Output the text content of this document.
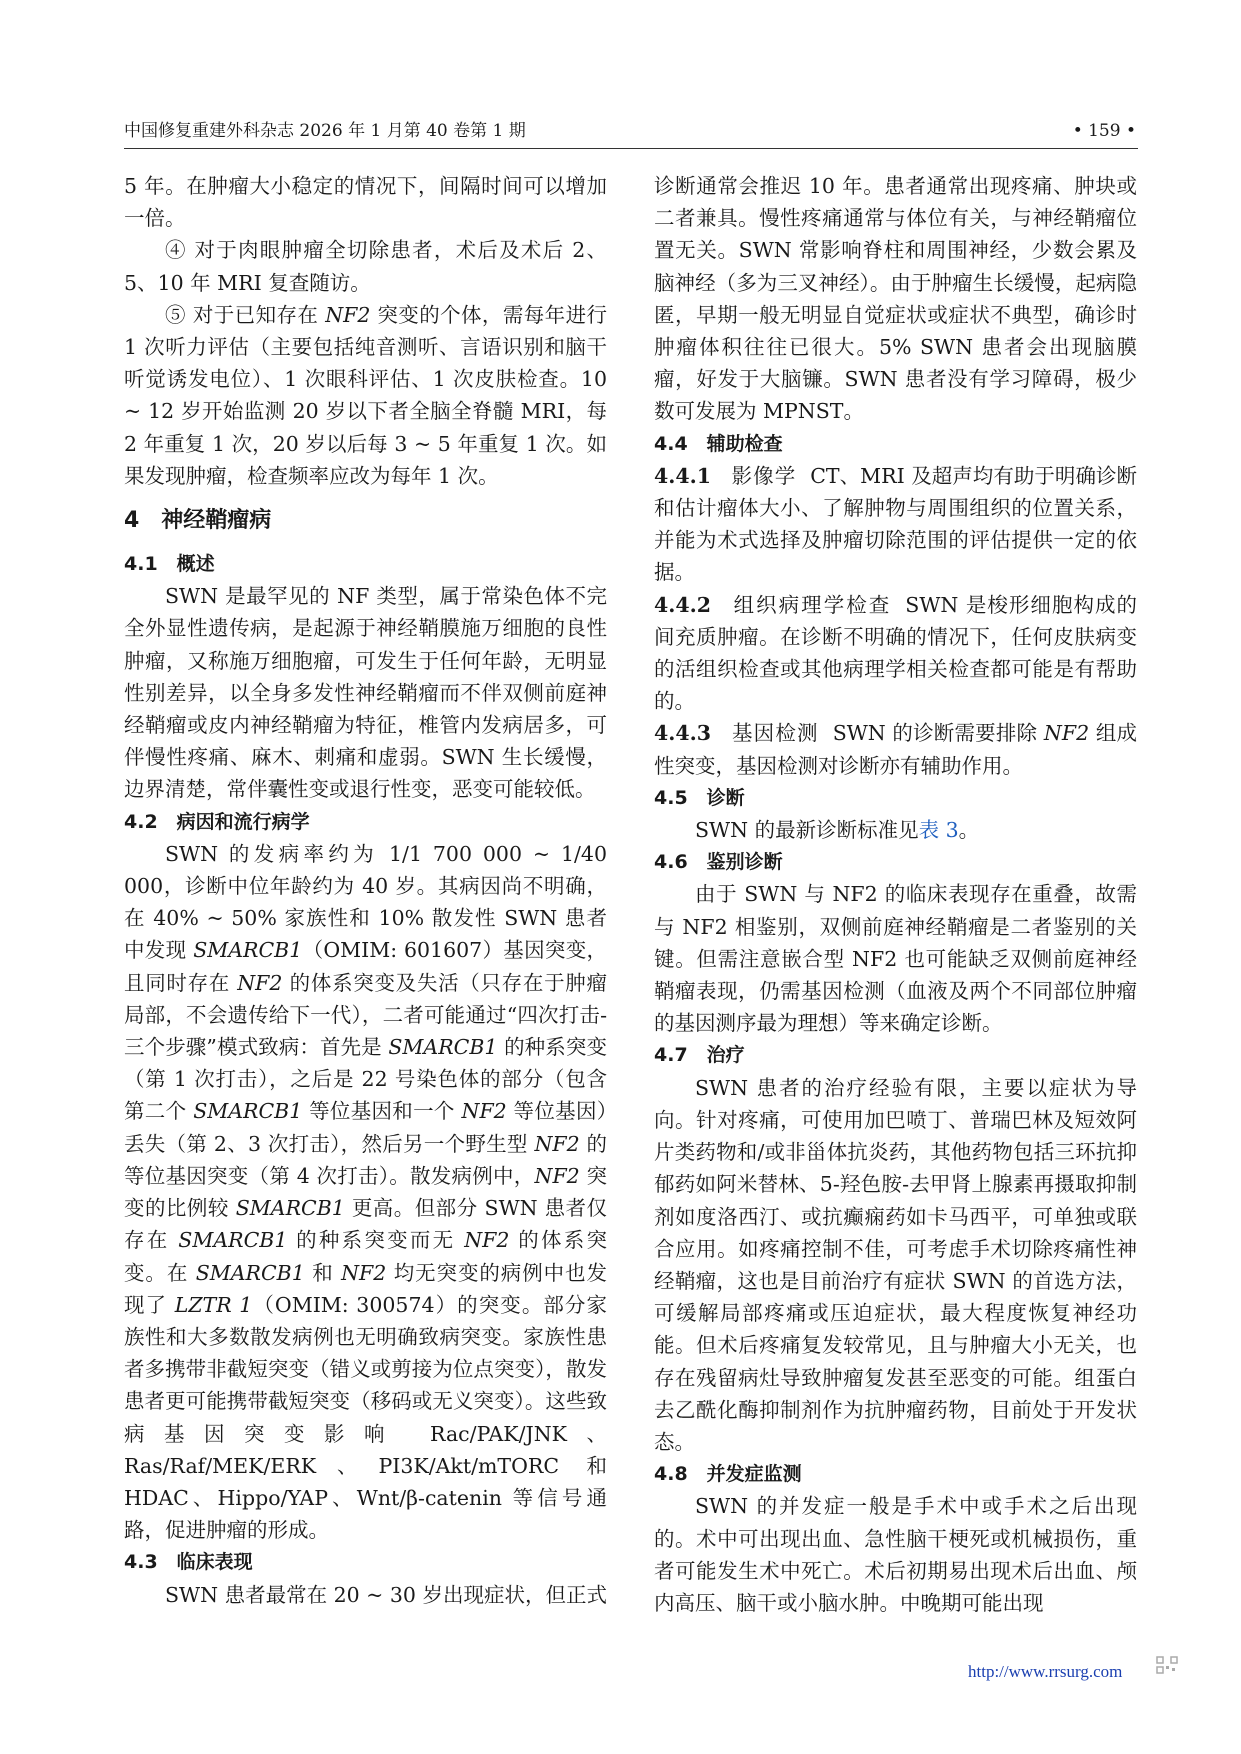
中国修复重建外科杂志 2026 年 1 月第 40 卷第 1 期	• 159 •

5 年。在肿瘤大小稳定的情况下，间隔时间可以增加一倍。

④ 对于肉眼肿瘤全切除患者，术后及术后 2、5、10 年 MRI 复查随访。

⑤ 对于已知存在 NF2 突变的个体，需每年进行 1 次听力评估（主要包括纯音测听、言语识别和脑干听觉诱发电位）、1 次眼科评估、1 次皮肤检查。10 ~ 12 岁开始监测 20 岁以下者全脑全脊髓 MRI，每 2 年重复 1 次，20 岁以后每 3 ~ 5 年重复 1 次。如果发现肿瘤，检查频率应改为每年 1 次。

4　神经鞘瘤病
4.1　概述

SWN 是最罕见的 NF 类型，属于常染色体不完全外显性遗传病，是起源于神经鞘膜施万细胞的良性肿瘤，又称施万细胞瘤，可发生于任何年龄，无明显性别差异，以全身多发性神经鞘瘤而不伴双侧前庭神经鞘瘤或皮内神经鞘瘤为特征，椎管内发病居多，可伴慢性疼痛、麻木、刺痛和虚弱。SWN 生长缓慢，边界清楚，常伴囊性变或退行性变，恶变可能较低。

4.2　病因和流行病学

SWN 的发病率约为 1/1 700 000 ~ 1/40 000，诊断中位年龄约为 40 岁。其病因尚不明确，在 40% ~ 50% 家族性和 10% 散发性 SWN 患者中发现 SMARCB1（OMIM: 601607）基因突变，且同时存在 NF2 的体系突变及失活（只存在于肿瘤局部，不会遗传给下一代），二者可能通过“四次打击-三个步骤”模式致病：首先是 SMARCB1 的种系突变（第 1 次打击），之后是 22 号染色体的部分（包含第二个 SMARCB1 等位基因和一个 NF2 等位基因）丢失（第 2、3 次打击），然后另一个野生型 NF2 的等位基因突变（第 4 次打击）。散发病例中，NF2 突变的比例较 SMARCB1 更高。但部分 SWN 患者仅存在 SMARCB1 的种系突变而无 NF2 的体系突变。在 SMARCB1 和 NF2 均无突变的病例中也发现了 LZTR 1（OMIM: 300574）的突变。部分家族性和大多数散发病例也无明确致病突变。家族性患者多携带非截短突变（错义或剪接为位点突变），散发患者更可能携带截短突变（移码或无义突变）。这些致病基因突变影响 Rac/PAK/JNK、Ras/Raf/MEK/ERK、PI3K/Akt/mTORC 和 HDAC、Hippo/YAP、Wnt/β-catenin 等信号通路，促进肿瘤的形成。

4.3　临床表现

SWN 患者最常在 20 ~ 30 岁出现症状，但正式

诊断通常会推迟 10 年。患者通常出现疼痛、肿块或二者兼具。慢性疼痛通常与体位有关，与神经鞘瘤位置无关。SWN 常影响脊柱和周围神经，少数会累及脑神经（多为三叉神经）。由于肿瘤生长缓慢，起病隐匿，早期一般无明显自觉症状或症状不典型，确诊时肿瘤体积往往已很大。5% SWN 患者会出现脑膜瘤，好发于大脑镰。SWN 患者没有学习障碍，极少数可发展为 MPNST。

4.4　辅助检查

4.4.1　 影像学 CT、MRI 及超声均有助于明确诊断和估计瘤体大小、了解肿物与周围组织的位置关系，并能为术式选择及肿瘤切除范围的评估提供一定的依据。

4.4.2　 组织病理学检查 SWN 是梭形细胞构成的间充质肿瘤。在诊断不明确的情况下，任何皮肤病变的活组织检查或其他病理学相关检查都可能是有帮助的。

4.4.3　 基因检测 SWN 的诊断需要排除 NF2 组成性突变，基因检测对诊断亦有辅助作用。

4.5　诊断

SWN 的最新诊断标准见表 3。

4.6　鉴别诊断

由于 SWN 与 NF2 的临床表现存在重叠，故需与 NF2 相鉴别，双侧前庭神经鞘瘤是二者鉴别的关键。但需注意嵌合型 NF2 也可能缺乏双侧前庭神经鞘瘤表现，仍需基因检测（血液及两个不同部位肿瘤的基因测序最为理想）等来确定诊断。

4.7　治疗

SWN 患者的治疗经验有限，主要以症状为导向。针对疼痛，可使用加巴喷丁、普瑞巴林及短效阿片类药物和/或非甾体抗炎药，其他药物包括三环抗抑郁药如阿米替林、5-羟色胺-去甲肾上腺素再摄取抑制剂如度洛西汀、或抗癫痫药如卡马西平，可单独或联合应用。如疼痛控制不佳，可考虑手术切除疼痛性神经鞘瘤，这也是目前治疗有症状 SWN 的首选方法，可缓解局部疼痛或压迫症状，最大程度恢复神经功能。但术后疼痛复发较常见，且与肿瘤大小无关，也存在残留病灶导致肿瘤复发甚至恶变的可能。组蛋白去乙酰化酶抑制剂作为抗肿瘤药物，目前处于开发状态。

4.8　并发症监测

SWN 的并发症一般是手术中或手术之后出现的。术中可出现出血、急性脑干梗死或机械损伤，重者可能发生术中死亡。术后初期易出现术后出血、颅内高压、脑干或小脑水肿。中晚期可能出现

http://www.rrsurg.com
